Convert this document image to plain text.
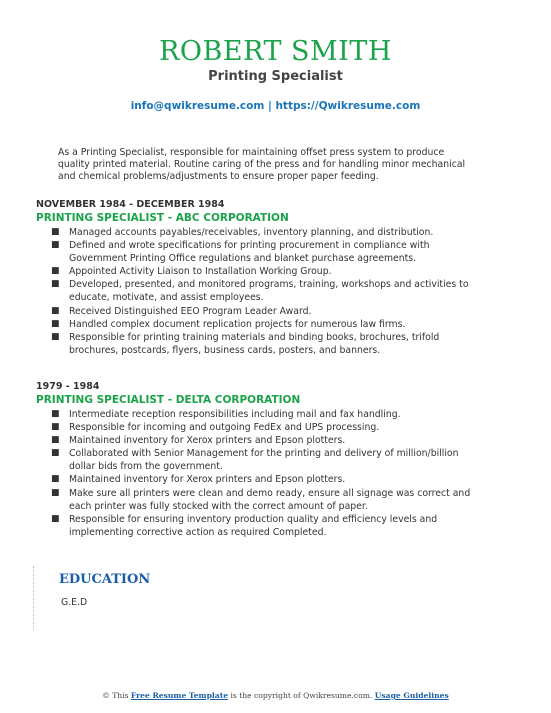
ROBERT SMITH
Printing Specialist
info@qwikresume.com | https://Qwikresume.com
As a Printing Specialist, responsible for maintaining offset press system to produce quality printed material. Routine caring of the press and for handling minor mechanical and chemical problems/adjustments to ensure proper paper feeding.
NOVEMBER 1984 - DECEMBER 1984
PRINTING SPECIALIST - ABC CORPORATION
■ Managed accounts payables/receivables, inventory planning, and distribution.
■ Defined and wrote specifications for printing procurement in compliance with Government Printing Office regulations and blanket purchase agreements.
■ Appointed Activity Liaison to Installation Working Group.
■ Developed, presented, and monitored programs, training, workshops and activities to educate, motivate, and assist employees.
■ Received Distinguished EEO Program Leader Award.
■ Handled complex document replication projects for numerous law firms.
■ Responsible for printing training materials and binding books, brochures, trifold brochures, postcards, flyers, business cards, posters, and banners.
1979 - 1984
PRINTING SPECIALIST - DELTA CORPORATION
■ Intermediate reception responsibilities including mail and fax handling.
■ Responsible for incoming and outgoing FedEx and UPS processing.
■ Maintained inventory for Xerox printers and Epson plotters.
■ Collaborated with Senior Management for the printing and delivery of million/billion dollar bids from the government.
■ Maintained inventory for Xerox printers and Epson plotters.
■ Make sure all printers were clean and demo ready, ensure all signage was correct and each printer was fully stocked with the correct amount of paper.
■ Responsible for ensuring inventory production quality and efficiency levels and implementing corrective action as required Completed.
EDUCATION
G.E.D
© This Free Resume Template is the copyright of Qwikresume.com. Usage Guidelines
